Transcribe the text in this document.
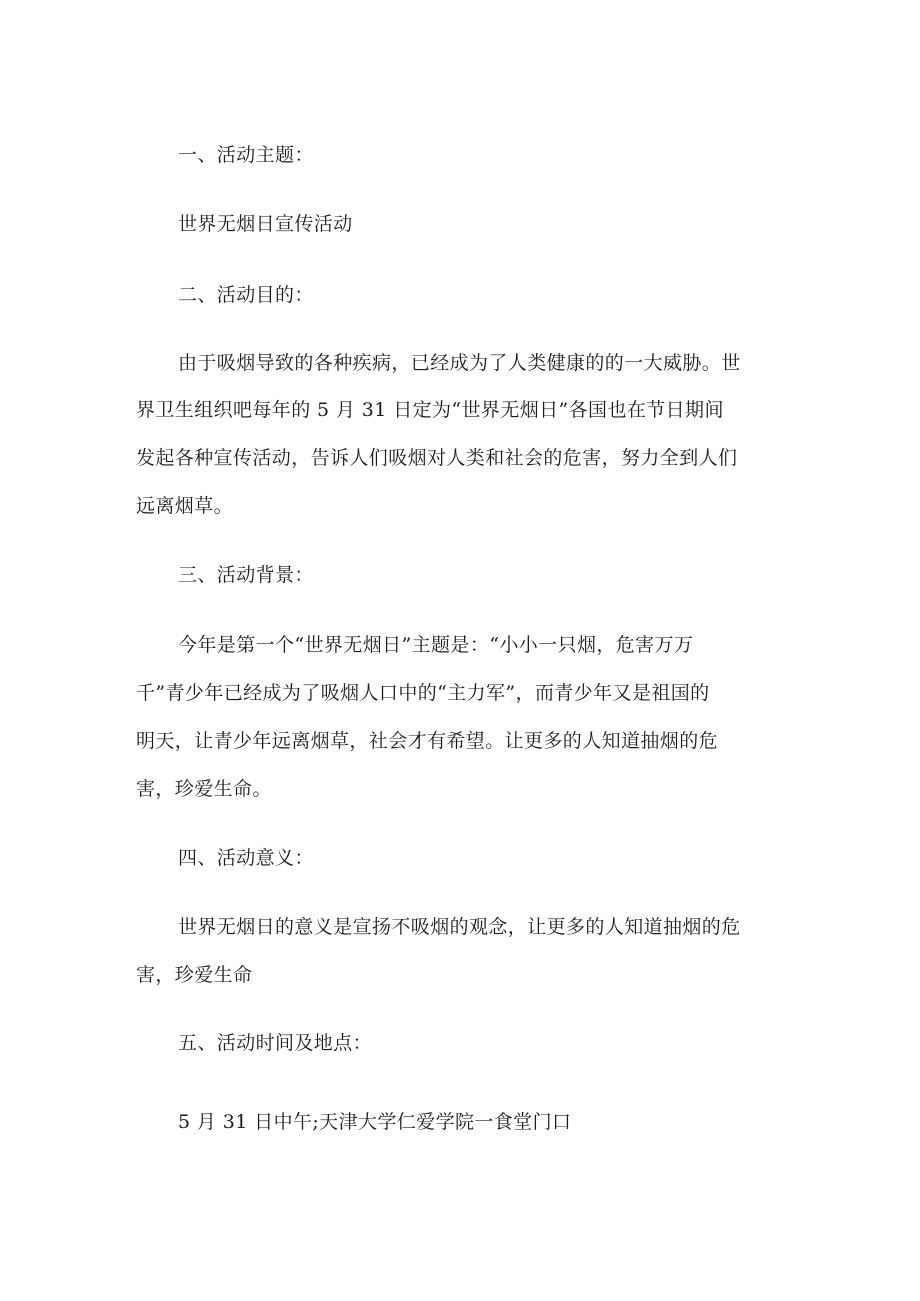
一、活动主题：
世界无烟日宣传活动
二、活动目的：
由于吸烟导致的各种疾病，已经成为了人类健康的的一大威胁。世
界卫生组织吧每年的 5 月 31 日定为“世界无烟日”各国也在节日期间
发起各种宣传活动，告诉人们吸烟对人类和社会的危害，努力全到人们
远离烟草。
三、活动背景：
今年是第一个“世界无烟日”主题是：“小小一只烟，危害万万
千”青少年已经成为了吸烟人口中的“主力军”，而青少年又是祖国的
明天，让青少年远离烟草，社会才有希望。让更多的人知道抽烟的危
害，珍爱生命。
四、活动意义：
世界无烟日的意义是宣扬不吸烟的观念，让更多的人知道抽烟的危
害，珍爱生命
五、活动时间及地点：
5 月 31 日中午;天津大学仁爱学院一食堂门口
